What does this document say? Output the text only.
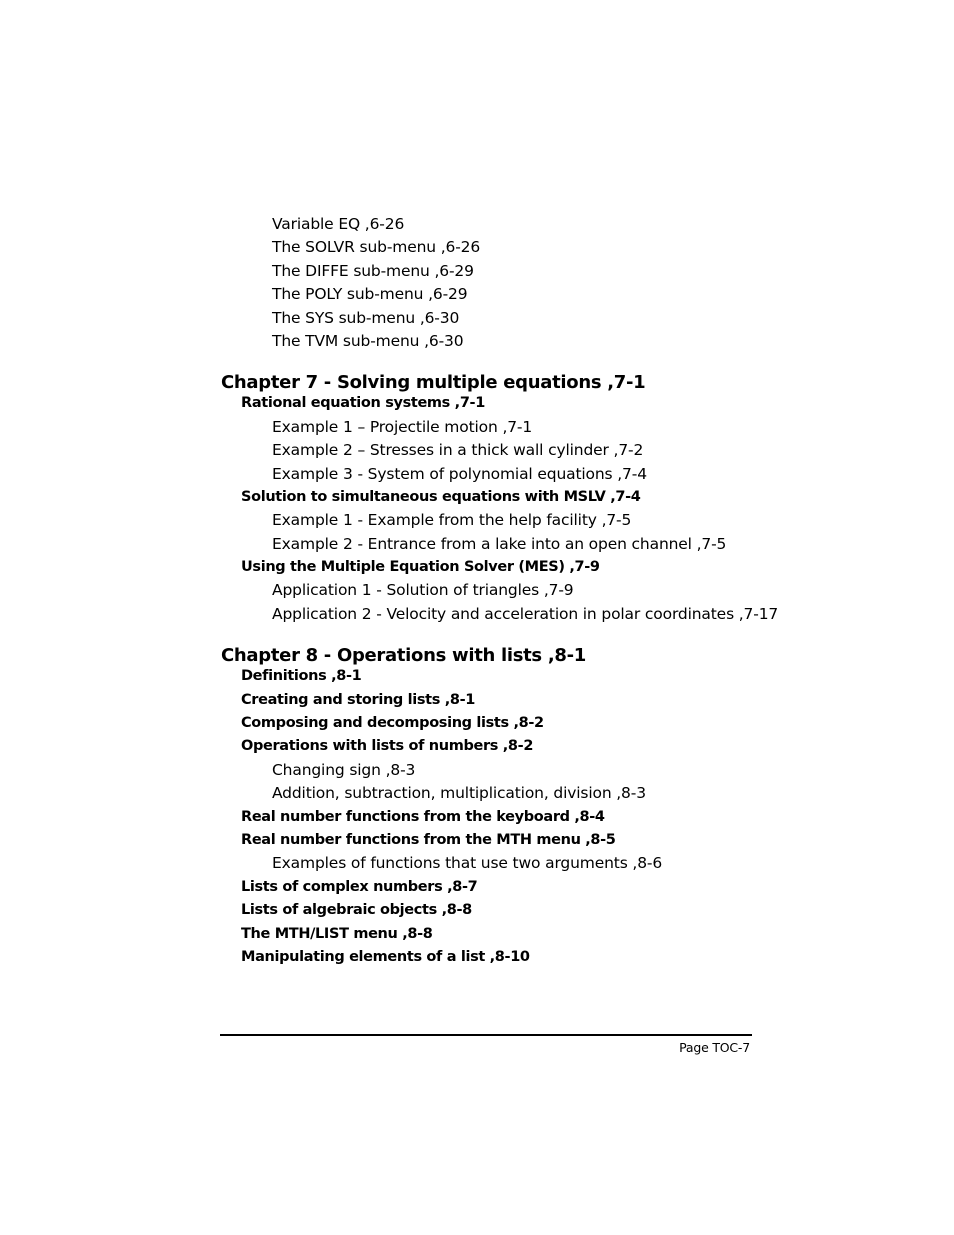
Variable EQ ,6-26
The SOLVR sub-menu ,6-26
The DIFFE sub-menu ,6-29
The POLY sub-menu ,6-29
The SYS sub-menu ,6-30
The TVM sub-menu ,6-30
Chapter 7 - Solving multiple equations ,7-1
Rational equation systems ,7-1
Example 1 – Projectile motion ,7-1
Example 2 – Stresses in a thick wall cylinder ,7-2
Example 3 - System of polynomial equations ,7-4
Solution to simultaneous equations with MSLV ,7-4
Example 1 - Example from the help facility ,7-5
Example 2 - Entrance from a lake into an open channel ,7-5
Using the Multiple Equation Solver (MES) ,7-9
Application 1 - Solution of triangles ,7-9
Application 2 - Velocity and acceleration in polar coordinates ,7-17
Chapter 8 - Operations with lists ,8-1
Definitions ,8-1
Creating and storing lists ,8-1
Composing and decomposing lists ,8-2
Operations with lists of numbers ,8-2
Changing sign ,8-3
Addition, subtraction, multiplication, division ,8-3
Real number functions from the keyboard ,8-4
Real number functions from the MTH menu ,8-5
Examples of functions that use two arguments ,8-6
Lists of complex numbers ,8-7
Lists of algebraic objects ,8-8
The MTH/LIST menu ,8-8
Manipulating elements of a list ,8-10
Page TOC-7
